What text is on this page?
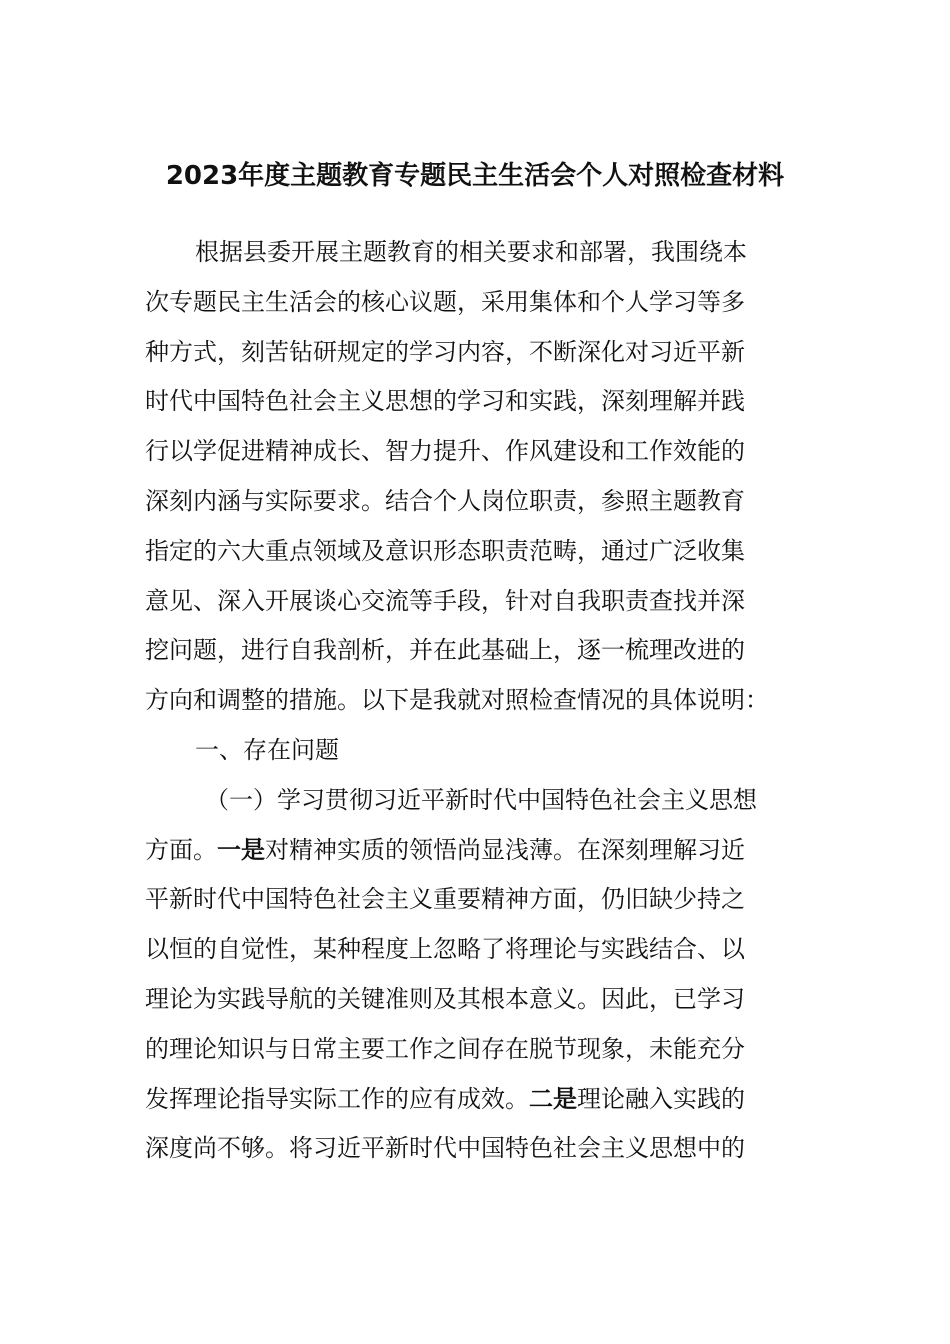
2023年度主题教育专题民主生活会个人对照检查材料
根据县委开展主题教育的相关要求和部署，我围绕本
次专题民主生活会的核心议题，采用集体和个人学习等多
种方式，刻苦钻研规定的学习内容，不断深化对习近平新
时代中国特色社会主义思想的学习和实践，深刻理解并践
行以学促进精神成长、智力提升、作风建设和工作效能的
深刻内涵与实际要求。结合个人岗位职责，参照主题教育
指定的六大重点领域及意识形态职责范畴，通过广泛收集
意见、深入开展谈心交流等手段，针对自我职责查找并深
挖问题，进行自我剖析，并在此基础上，逐一梳理改进的
方向和调整的措施。以下是我就对照检查情况的具体说明：
一、存在问题
（一）学习贯彻习近平新时代中国特色社会主义思想
方面。一是对精神实质的领悟尚显浅薄。在深刻理解习近
平新时代中国特色社会主义重要精神方面，仍旧缺少持之
以恒的自觉性，某种程度上忽略了将理论与实践结合、以
理论为实践导航的关键准则及其根本意义。因此，已学习
的理论知识与日常主要工作之间存在脱节现象，未能充分
发挥理论指导实际工作的应有成效。二是理论融入实践的
深度尚不够。将习近平新时代中国特色社会主义思想中的
